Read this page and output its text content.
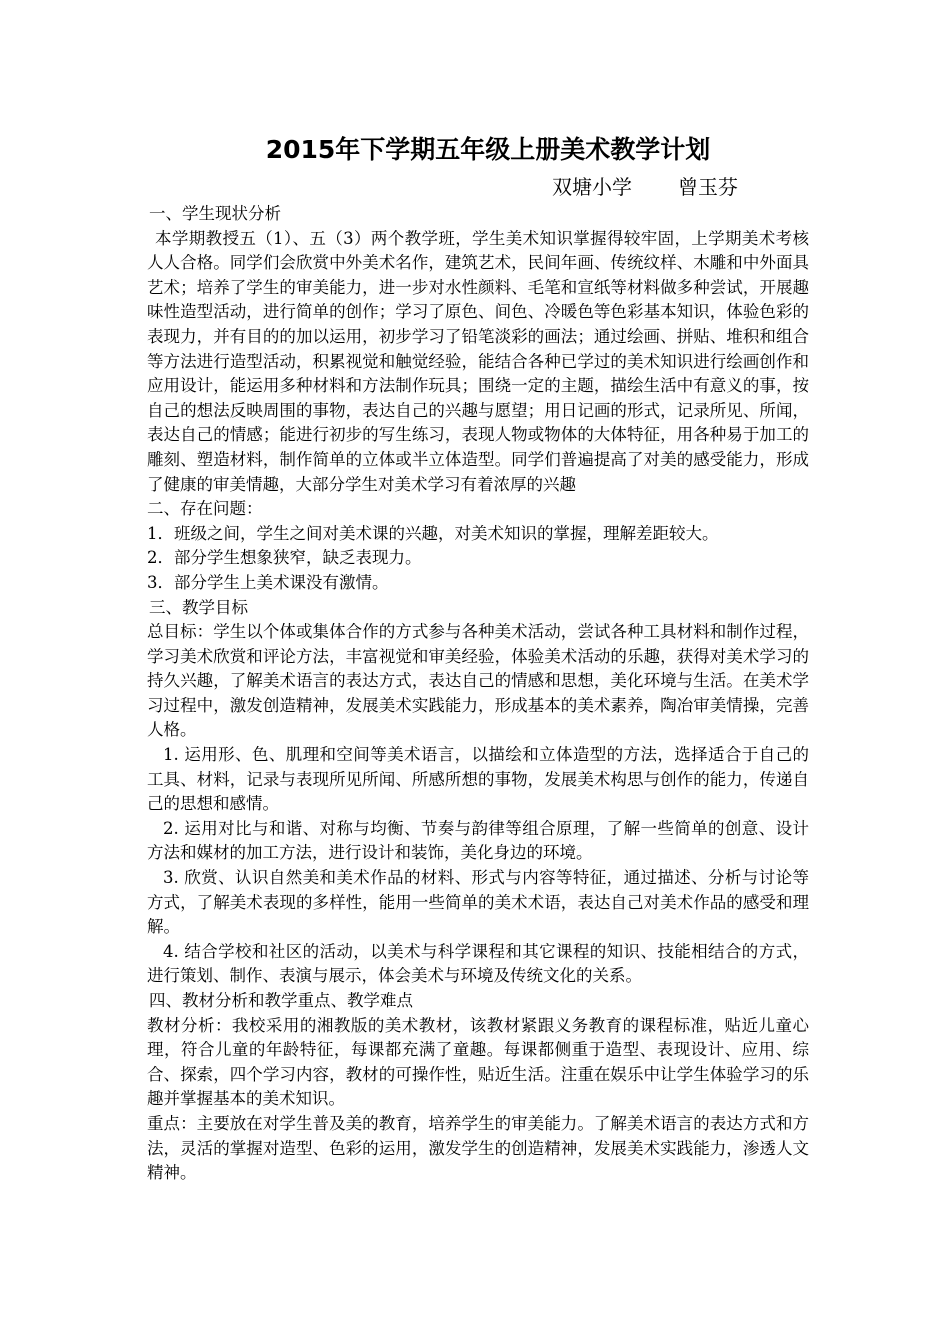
2015年下学期五年级上册美术教学计划

双塘小学 曾玉芬

一、学生现状分析

本学期教授五（1）、五（3）两个教学班，学生美术知识掌握得较牢固，上学期美术考核人人合格。同学们会欣赏中外美术名作，建筑艺术，民间年画、传统纹样、木雕和中外面具艺术；培养了学生的审美能力，进一步对水性颜料、毛笔和宣纸等材料做多种尝试，开展趣味性造型活动，进行简单的创作；学习了原色、间色、冷暖色等色彩基本知识，体验色彩的表现力，并有目的的加以运用，初步学习了铅笔淡彩的画法；通过绘画、拼贴、堆积和组合等方法进行造型活动，积累视觉和触觉经验，能结合各种已学过的美术知识进行绘画创作和应用设计，能运用多种材料和方法制作玩具；围绕一定的主题，描绘生活中有意义的事，按自己的想法反映周围的事物，表达自己的兴趣与愿望；用日记画的形式，记录所见、所闻，表达自己的情感；能进行初步的写生练习，表现人物或物体的大体特征，用各种易于加工的雕刻、塑造材料，制作简单的立体或半立体造型。同学们普遍提高了对美的感受能力，形成了健康的审美情趣，大部分学生对美术学习有着浓厚的兴趣

二、存在问题：

1．班级之间，学生之间对美术课的兴趣，对美术知识的掌握，理解差距较大。

2．部分学生想象狭窄，缺乏表现力。

3．部分学生上美术课没有激情。

三、教学目标

总目标：学生以个体或集体合作的方式参与各种美术活动，尝试各种工具材料和制作过程，学习美术欣赏和评论方法，丰富视觉和审美经验，体验美术活动的乐趣，获得对美术学习的持久兴趣，了解美术语言的表达方式，表达自己的情感和思想，美化环境与生活。在美术学习过程中，激发创造精神，发展美术实践能力，形成基本的美术素养，陶冶审美情操，完善人格。

1. 运用形、色、肌理和空间等美术语言，以描绘和立体造型的方法，选择适合于自己的工具、材料，记录与表现所见所闻、所感所想的事物，发展美术构思与创作的能力，传递自己的思想和感情。

2. 运用对比与和谐、对称与均衡、节奏与韵律等组合原理，了解一些简单的创意、设计方法和媒材的加工方法，进行设计和装饰，美化身边的环境。

3. 欣赏、认识自然美和美术作品的材料、形式与内容等特征，通过描述、分析与讨论等方式，了解美术表现的多样性，能用一些简单的美术术语，表达自己对美术作品的感受和理解。

4. 结合学校和社区的活动，以美术与科学课程和其它课程的知识、技能相结合的方式，进行策划、制作、表演与展示，体会美术与环境及传统文化的关系。

四、教材分析和教学重点、教学难点

教材分析：我校采用的湘教版的美术教材，该教材紧跟义务教育的课程标准，贴近儿童心理，符合儿童的年龄特征，每课都充满了童趣。每课都侧重于造型、表现设计、应用、综合、探索，四个学习内容，教材的可操作性，贴近生活。注重在娱乐中让学生体验学习的乐趣并掌握基本的美术知识。

重点：主要放在对学生普及美的教育，培养学生的审美能力。了解美术语言的表达方式和方法，灵活的掌握对造型、色彩的运用，激发学生的创造精神，发展美术实践能力，渗透人文精神。
